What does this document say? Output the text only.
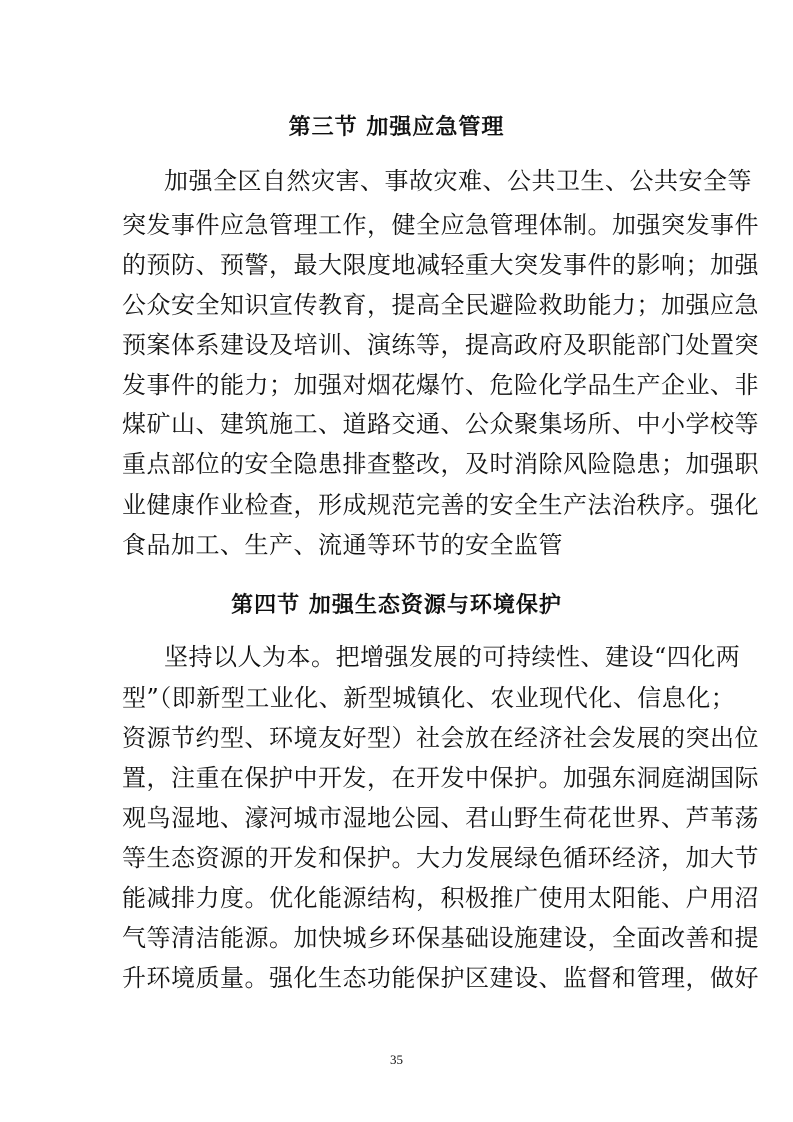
第三节 加强应急管理
加强全区自然灾害、事故灾难、公共卫生、公共安全等
突发事件应急管理工作，健全应急管理体制。加强突发事件
的预防、预警，最大限度地减轻重大突发事件的影响；加强
公众安全知识宣传教育，提高全民避险救助能力；加强应急
预案体系建设及培训、演练等，提高政府及职能部门处置突
发事件的能力；加强对烟花爆竹、危险化学品生产企业、非
煤矿山、建筑施工、道路交通、公众聚集场所、中小学校等
重点部位的安全隐患排查整改，及时消除风险隐患；加强职
业健康作业检查，形成规范完善的安全生产法治秩序。强化
食品加工、生产、流通等环节的安全监管
第四节 加强生态资源与环境保护
坚持以人为本。把增强发展的可持续性、建设“四化两
型”（即新型工业化、新型城镇化、农业现代化、信息化；
资源节约型、环境友好型）社会放在经济社会发展的突出位
置，注重在保护中开发，在开发中保护。加强东洞庭湖国际
观鸟湿地、濠河城市湿地公园、君山野生荷花世界、芦苇荡
等生态资源的开发和保护。大力发展绿色循环经济，加大节
能减排力度。优化能源结构，积极推广使用太阳能、户用沼
气等清洁能源。加快城乡环保基础设施建设，全面改善和提
升环境质量。强化生态功能保护区建设、监督和管理，做好
35
